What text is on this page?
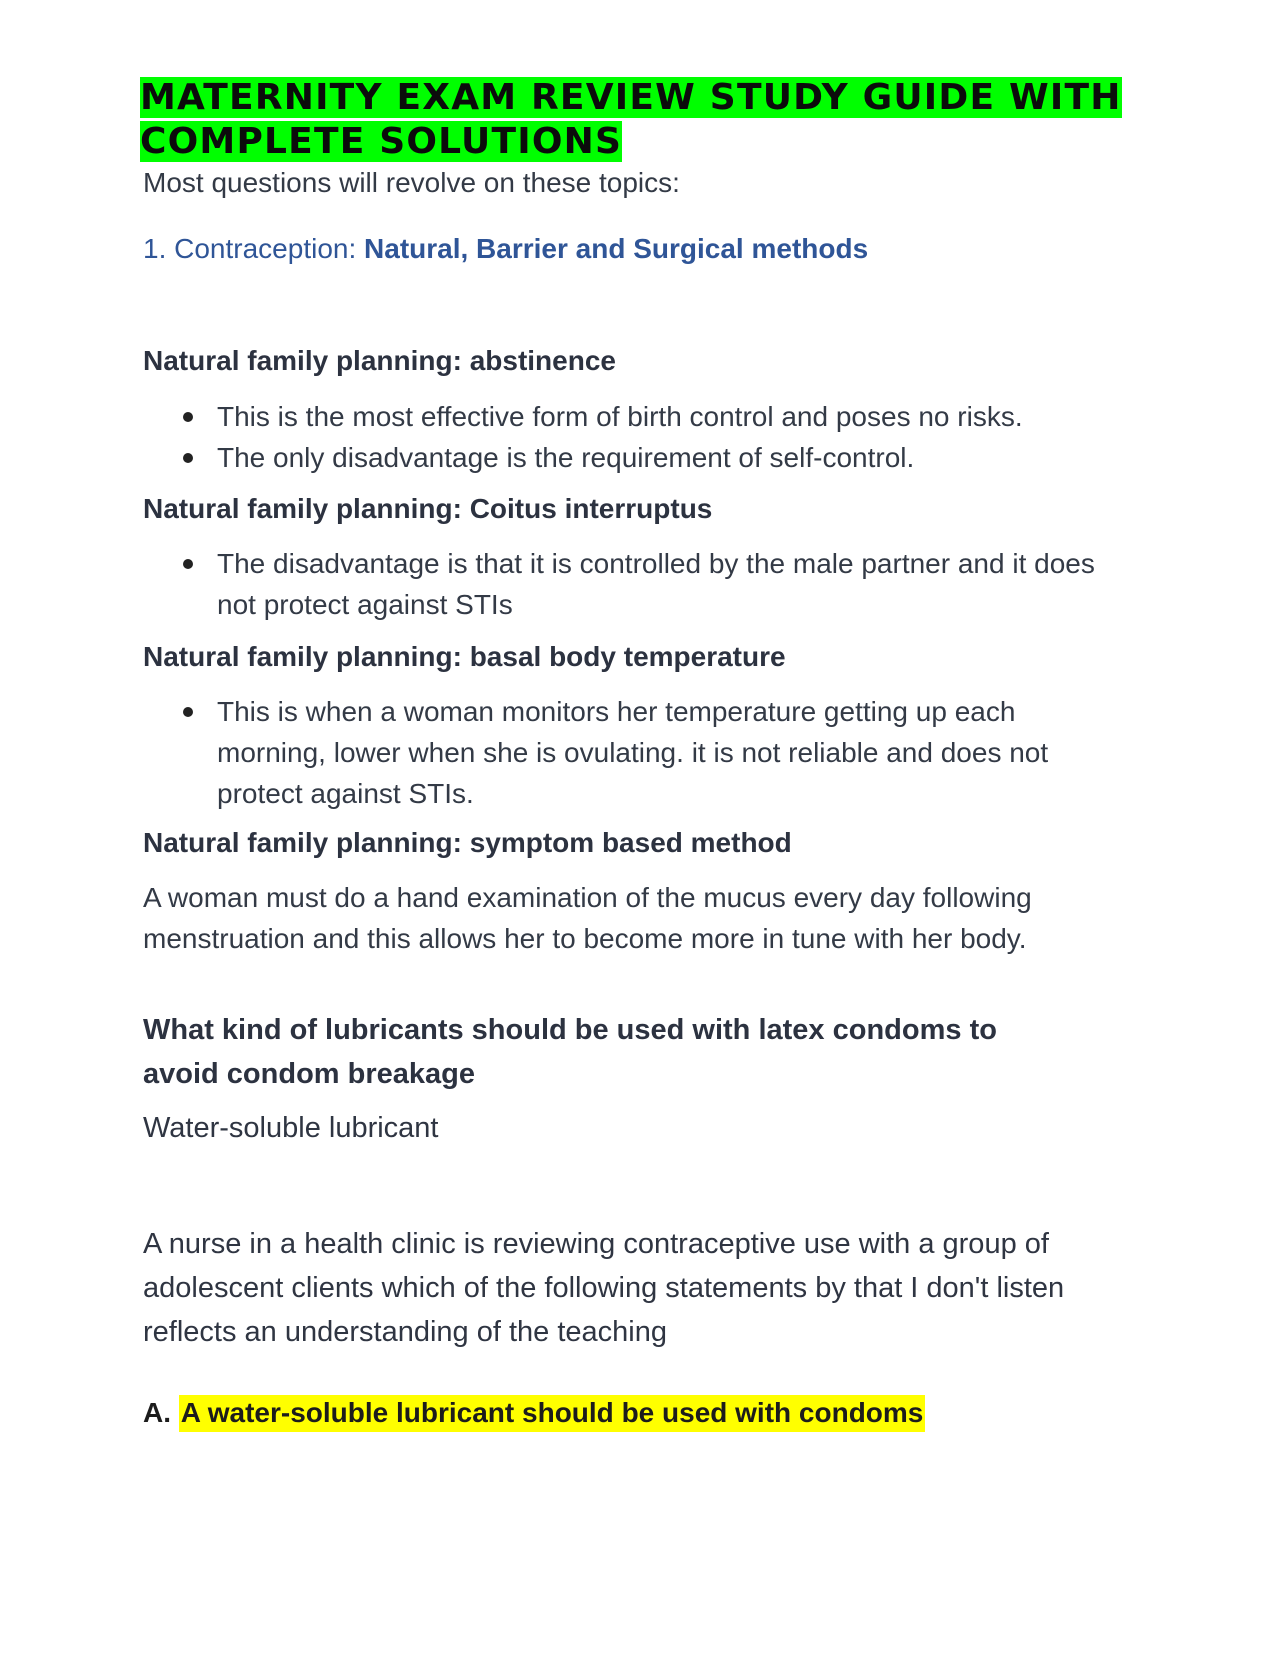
MATERNITY EXAM REVIEW STUDY GUIDE WITH COMPLETE SOLUTIONS
Most questions will revolve on these topics:
1. Contraception: Natural, Barrier and Surgical methods
Natural family planning: abstinence
This is the most effective form of birth control and poses no risks.
The only disadvantage is the requirement of self-control.
Natural family planning: Coitus interruptus
The disadvantage is that it is controlled by the male partner and it does not protect against STIs
Natural family planning: basal body temperature
This is when a woman monitors her temperature getting up each morning, lower when she is ovulating. it is not reliable and does not protect against STIs.
Natural family planning: symptom based method
A woman must do a hand examination of the mucus every day following menstruation and this allows her to become more in tune with her body.
What kind of lubricants should be used with latex condoms to avoid condom breakage
Water-soluble lubricant
A nurse in a health clinic is reviewing contraceptive use with a group of adolescent clients which of the following statements by that I don't listen reflects an understanding of the teaching
A. A water-soluble lubricant should be used with condoms
